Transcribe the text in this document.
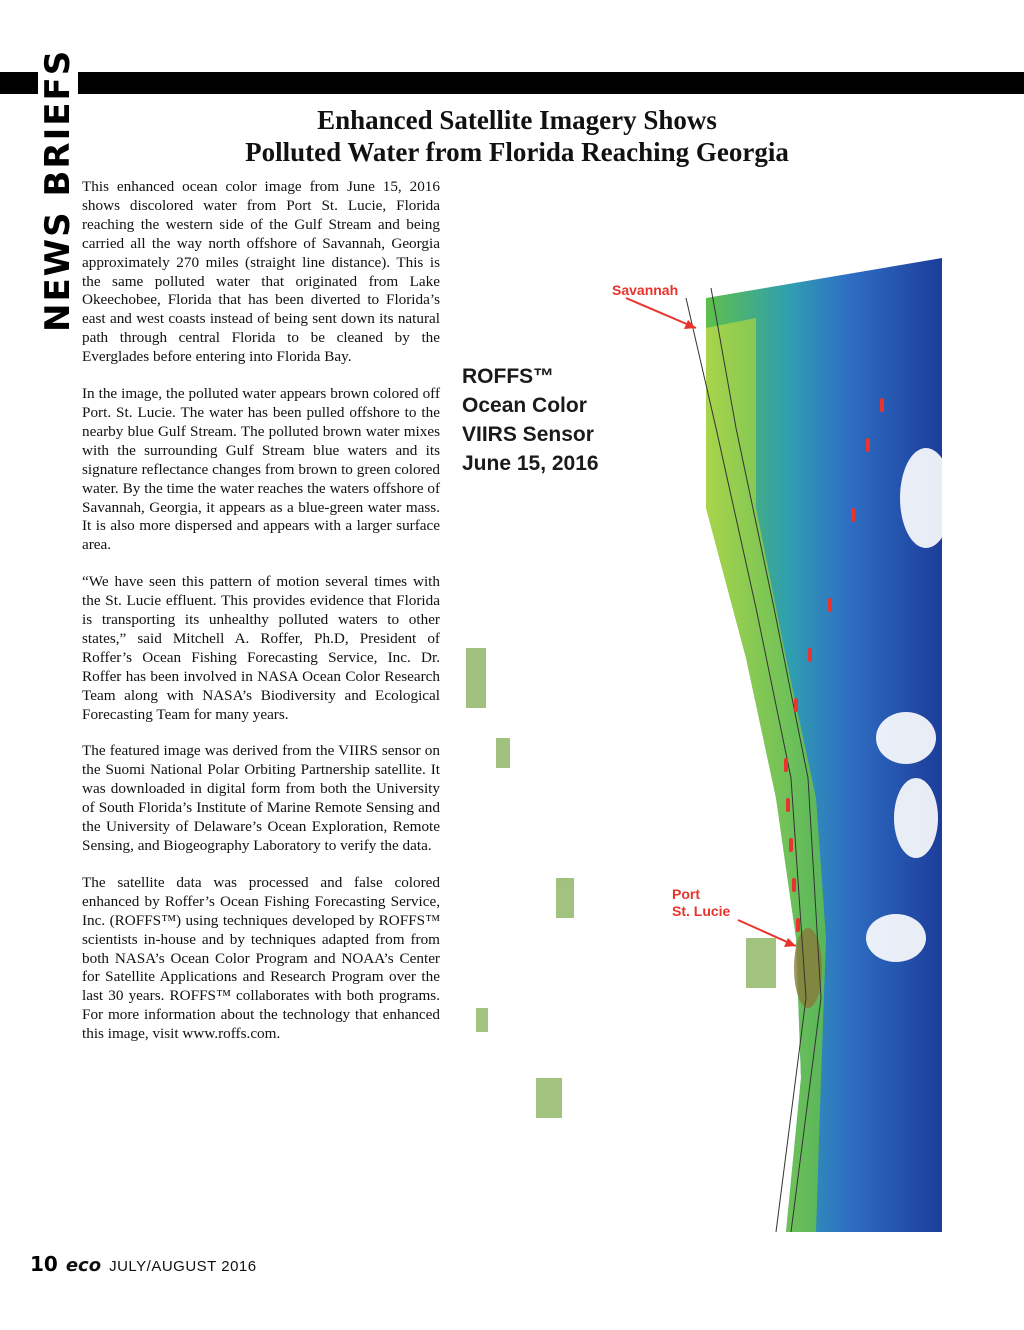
NEWS BRIEFS	Enhanced Satellite Imagery Shows
Polluted Water from Florida Reaching Georgia

This enhanced ocean color image from June 15, 2016 shows discolored water from Port St. Lucie, Florida reaching the western side of the Gulf Stream and being carried all the way north offshore of Savannah, Georgia approximately 270 miles (straight line distance). This is the same polluted water that originated from Lake Okeechobee, Florida that has been diverted to Florida’s east and west coasts instead of being sent down its natural path through central Florida to be cleaned by the Everglades before entering into Florida Bay.

In the image, the polluted water appears brown colored off Port. St. Lucie. The water has been pulled offshore to the nearby blue Gulf Stream. The polluted brown water mixes with the surrounding Gulf Stream blue waters and its signature reflectance changes from brown to green colored water. By the time the water reaches the waters offshore of Savannah, Georgia, it appears as a blue-green water mass. It is also more dispersed and appears with a larger surface area.

“We have seen this pattern of motion several times with the St. Lucie effluent. This provides evidence that Florida is transporting its unhealthy polluted waters to other states,” said Mitchell A. Roffer, Ph.D, President of Roffer’s Ocean Fishing Forecasting Service, Inc. Dr. Roffer has been involved in NASA Ocean Color Research Team along with NASA’s Biodiversity and Ecological Forecasting Team for many years.

The featured image was derived from the VIIRS sensor on the Suomi National Polar Orbiting Partnership satellite. It was downloaded in digital form from both the University of South Florida’s Institute of Marine Remote Sensing and the University of Delaware’s Ocean Exploration, Remote Sensing, and Biogeography Laboratory to verify the data.

The satellite data was processed and false colored enhanced by Roffer’s Ocean Fishing Forecasting Service, Inc. (ROFFS™) using techniques developed by ROFFS™ scientists in-house and by techniques adapted from from both NASA’s Ocean Color Program and NOAA’s Center for Satellite Applications and Research Program over the last 30 years. ROFFS™ collaborates with both programs. For more information about the technology that enhanced this image, visit www.roffs.com.

ROFFS™
Ocean Color
VIIRS Sensor
June 15, 2016
Savannah
Port
St. Lucie
10 eco JULY/AUGUST 2016
